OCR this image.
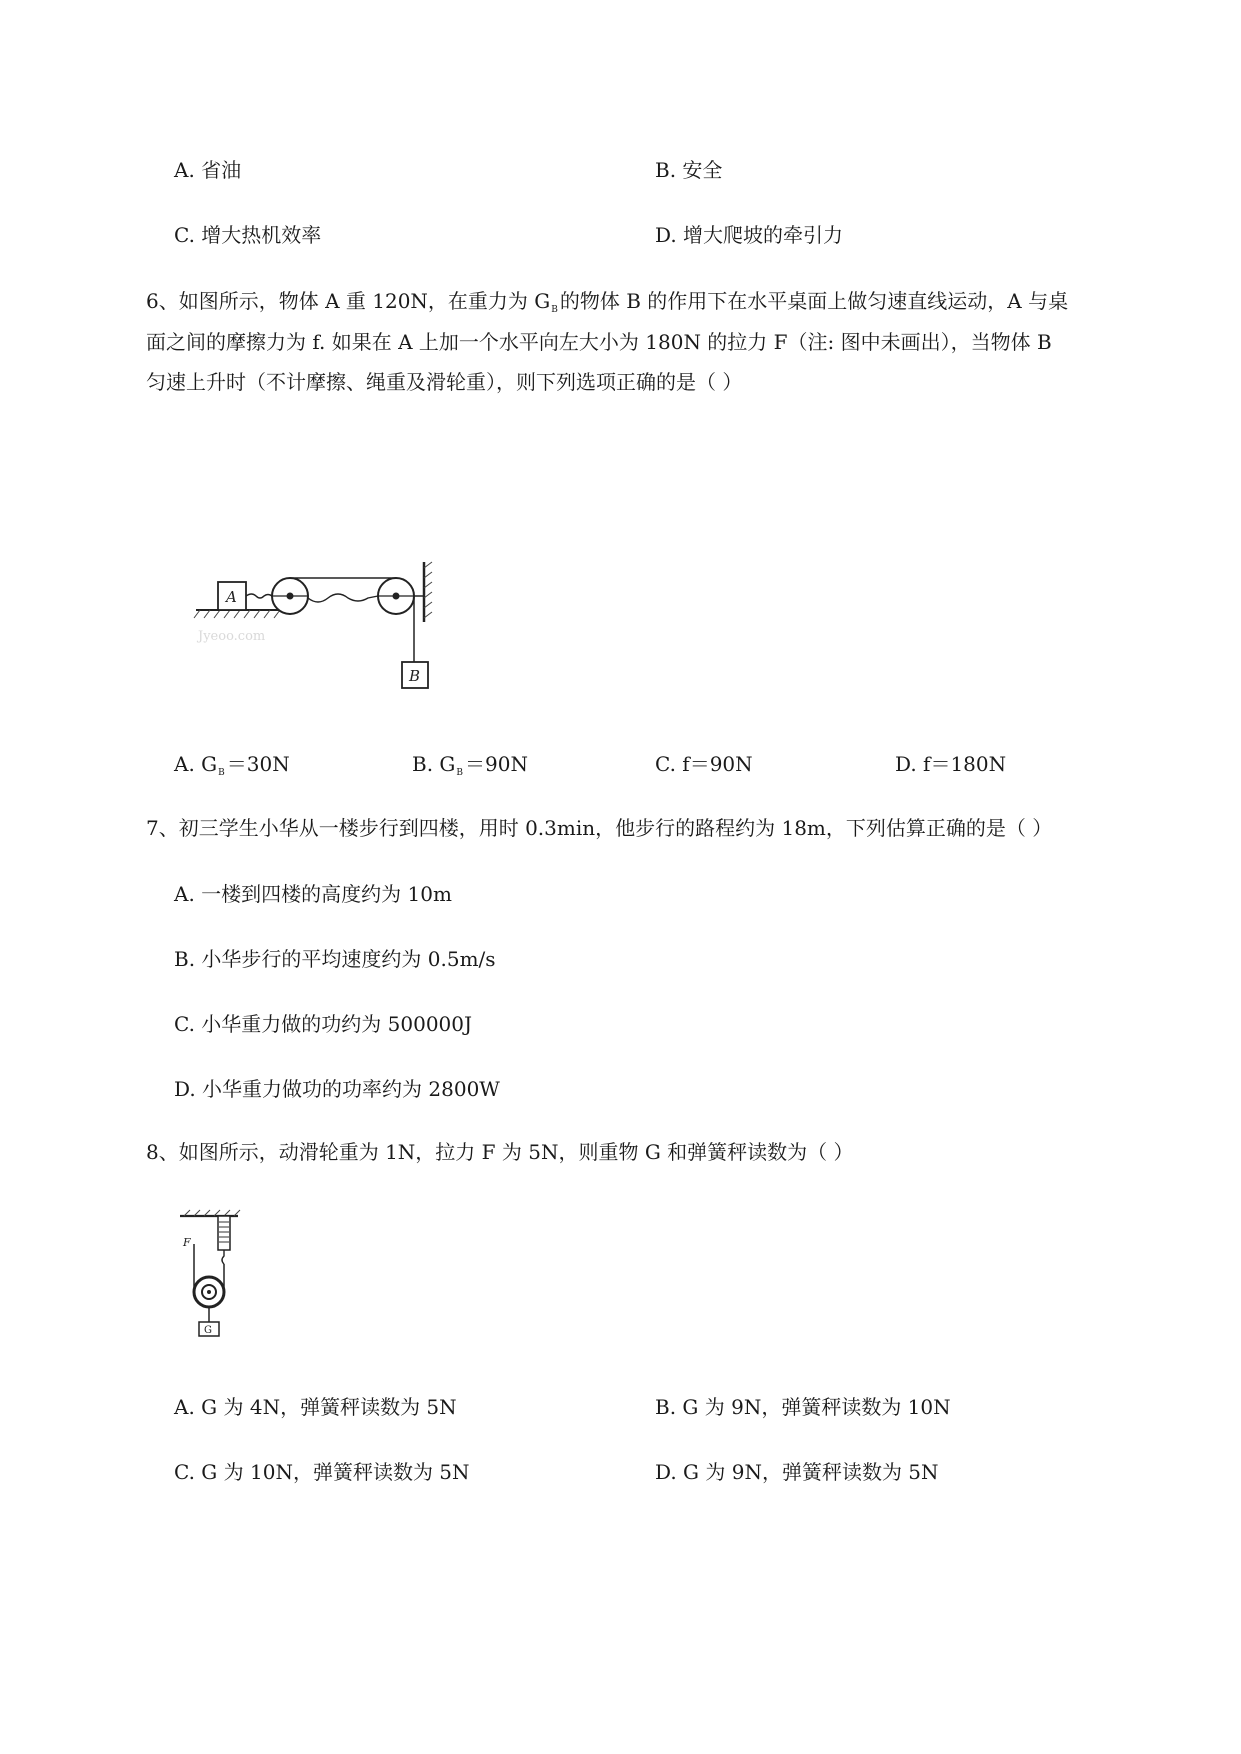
A. 省油	B. 安全
C. 增大热机效率	D. 增大爬坡的牵引力
6、如图所示，物体 A 重 120N，在重力为 $G_B$ 的物体 B 的作用下在水平桌面上做匀速直线运动，A 与桌
面之间的摩擦力为 f. 如果在 A 上加一个水平向左大小为 180N 的拉力 F（注: 图中未画出），当物体 B
匀速上升时（不计摩擦、绳重及滑轮重），则下列选项正确的是（ ）
A
B
Jyeoo.com
A. $G_B =30N$	B. $G_B =90N$	C. f＝90N	D. f＝180N
7、初三学生小华从一楼步行到四楼，用时 0.3min，他步行的路程约为 18m，下列估算正确的是（ ）
A. 一楼到四楼的高度约为 10m
B. 小华步行的平均速度约为 0.5m/s
C. 小华重力做的功约为 500000J
D. 小华重力做功的功率约为 2800W
8、如图所示，动滑轮重为 1N，拉力 F 为 5N，则重物 G 和弹簧秤读数为（ ）
F
G
A. G 为 4N，弹簧秤读数为 5N	B. G 为 9N，弹簧秤读数为 10N
C. G 为 10N，弹簧秤读数为 5N	D. G 为 9N，弹簧秤读数为 5N
